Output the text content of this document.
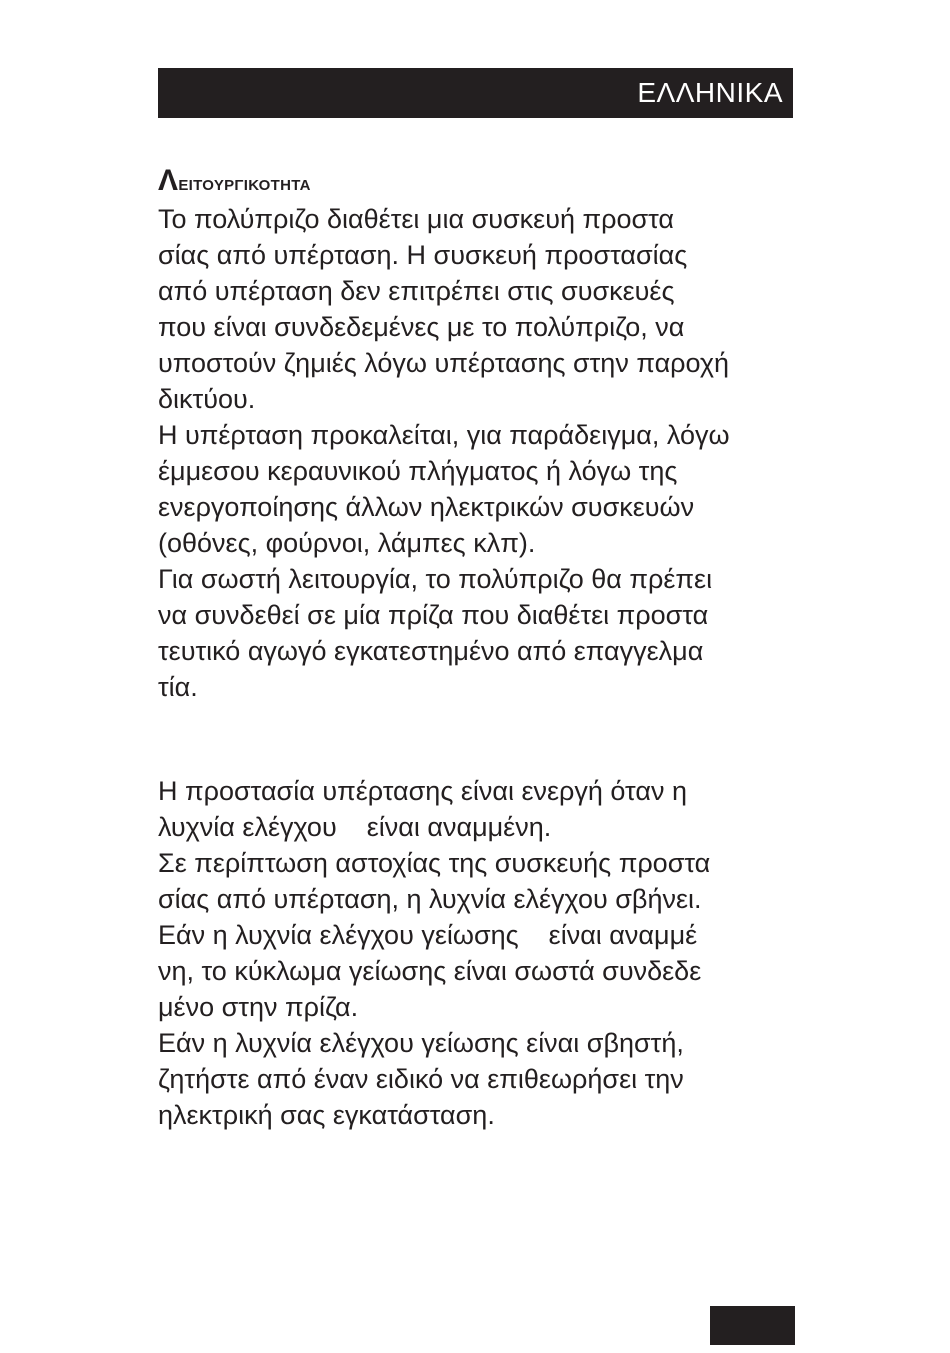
ΕΛΛΗΝΙΚΑ
Λειτουργικοτητα

Το πολύπριζο διαθέτει μια συσκευή προστα

σίας από υπέρταση. Η συσκευή προστασίας

από υπέρταση δεν επιτρέπει στις συσκευές

που είναι συνδεδεμένες με το πολύπριζο, να

υποστούν ζημιές λόγω υπέρτασης στην παροχή

δικτύου.

Η υπέρταση προκαλείται, για παράδειγμα, λόγω

έμμεσου κεραυνικού πλήγματος ή λόγω της

ενεργοποίησης άλλων ηλεκτρικών συσκευών

(οθόνες, φούρνοι, λάμπες κλπ).

Για σωστή λειτουργία, το πολύπριζο θα πρέπει

να συνδεθεί σε μία πρίζα που διαθέτει προστα

τευτικό αγωγό εγκατεστημένο από επαγγελμα

τία.

Η προστασία υπέρτασης είναι ενεργή όταν η

λυχνία ελέγχου    είναι αναμμένη.

Σε περίπτωση αστοχίας της συσκευής προστα

σίας από υπέρταση, η λυχνία ελέγχου σβήνει.

Εάν η λυχνία ελέγχου γείωσης    είναι αναμμέ

νη, το κύκλωμα γείωσης είναι σωστά συνδεδε

μένο στην πρίζα.

Εάν η λυχνία ελέγχου γείωσης είναι σβηστή,

ζητήστε από έναν ειδικό να επιθεωρήσει την

ηλεκτρική σας εγκατάσταση.
